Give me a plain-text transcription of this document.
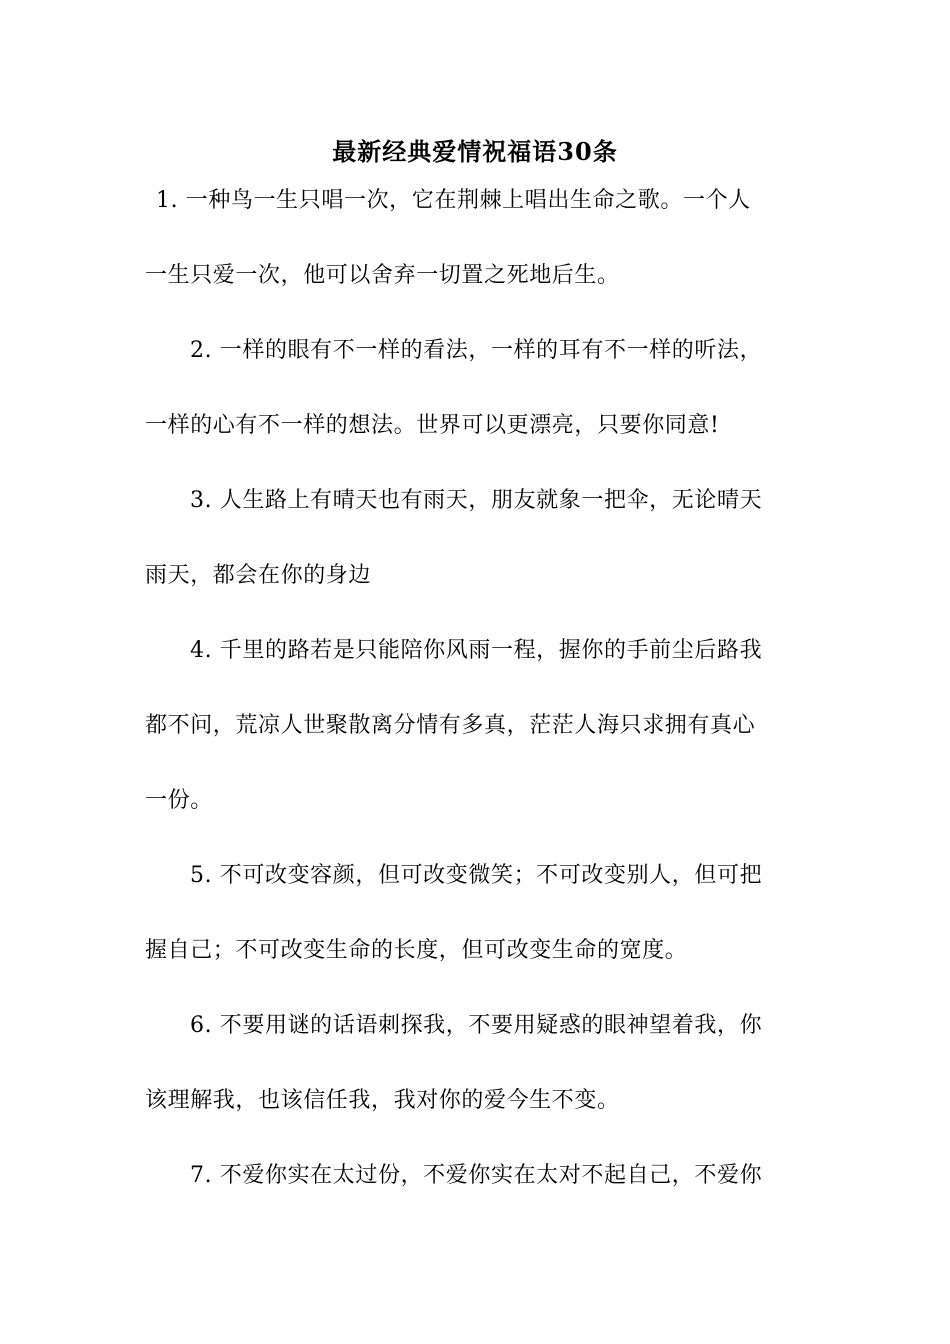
最新经典爱情祝福语30条
1. 一种鸟一生只唱一次，它在荆棘上唱出生命之歌。一个人
一生只爱一次，他可以舍弃一切置之死地后生。
2. 一样的眼有不一样的看法，一样的耳有不一样的听法，
一样的心有不一样的想法。世界可以更漂亮，只要你同意!
3. 人生路上有晴天也有雨天，朋友就象一把伞，无论晴天
雨天，都会在你的身边
4. 千里的路若是只能陪你风雨一程，握你的手前尘后路我
都不问，荒凉人世聚散离分情有多真，茫茫人海只求拥有真心
一份。
5. 不可改变容颜，但可改变微笑；不可改变别人，但可把
握自己；不可改变生命的长度，但可改变生命的宽度。
6. 不要用谜的话语刺探我，不要用疑惑的眼神望着我，你
该理解我，也该信任我，我对你的爱今生不变。
7. 不爱你实在太过份，不爱你实在太对不起自己，不爱你
